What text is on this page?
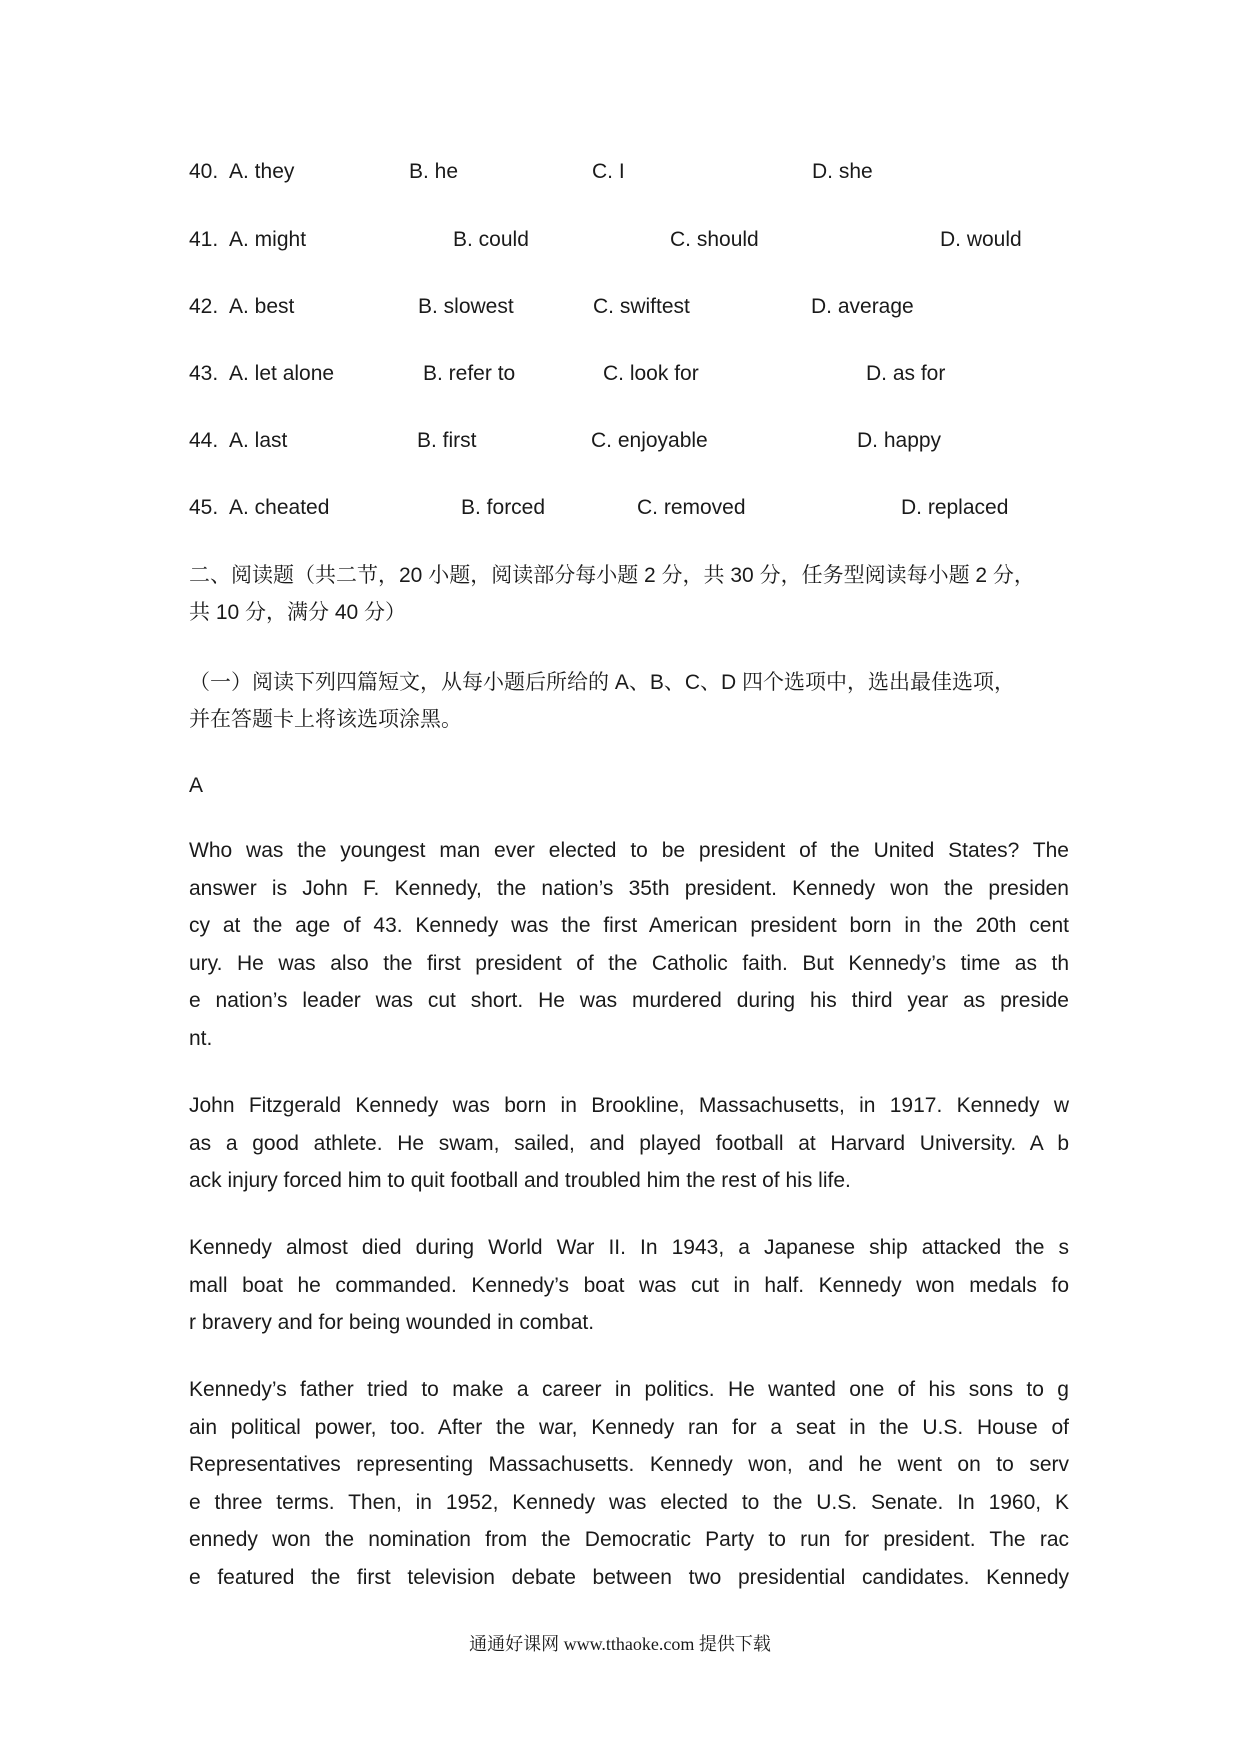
40. A. they	B. he	C. I	D. she
41. A. might	B. could	C. should	D. would
42. A. best	B. slowest	C. swiftest	D. average
43. A. let alone	B. refer to	C. look for	D. as for
44. A. last	B. first	C. enjoyable	D. happy
45. A. cheated	B. forced	C. removed	D. replaced
二、阅读题（共二节，20 小题，阅读部分每小题 2 分，共 30 分，任务型阅读每小题 2 分，
共 10 分，满分 40 分）
（一）阅读下列四篇短文，从每小题后所给的 A、B、C、D 四个选项中，选出最佳选项，
并在答题卡上将该选项涂黑。
A
Who was the youngest man ever elected to be president of the United States? The
answer is John F. Kennedy, the nation’s 35th president. Kennedy won the presiden
cy at the age of 43. Kennedy was the first American president born in the 20th cent
ury. He was also the first president of the Catholic faith. But Kennedy’s time as th
e nation’s leader was cut short. He was murdered during his third year as preside
nt.
John Fitzgerald Kennedy was born in Brookline, Massachusetts, in 1917. Kennedy w
as a good athlete. He swam, sailed, and played football at Harvard University. A b
ack injury forced him to quit football and troubled him the rest of his life.
Kennedy almost died during World War II. In 1943, a Japanese ship attacked the s
mall boat he commanded. Kennedy’s boat was cut in half. Kennedy won medals fo
r bravery and for being wounded in combat.
Kennedy’s father tried to make a career in politics. He wanted one of his sons to g
ain political power, too. After the war, Kennedy ran for a seat in the U.S. House of
Representatives representing Massachusetts. Kennedy won, and he went on to serv
e three terms. Then, in 1952, Kennedy was elected to the U.S. Senate. In 1960, K
ennedy won the nomination from the Democratic Party to run for president. The rac
e featured the first television debate between two presidential candidates. Kennedy
通通好课网 www.tthaoke.com 提供下载
